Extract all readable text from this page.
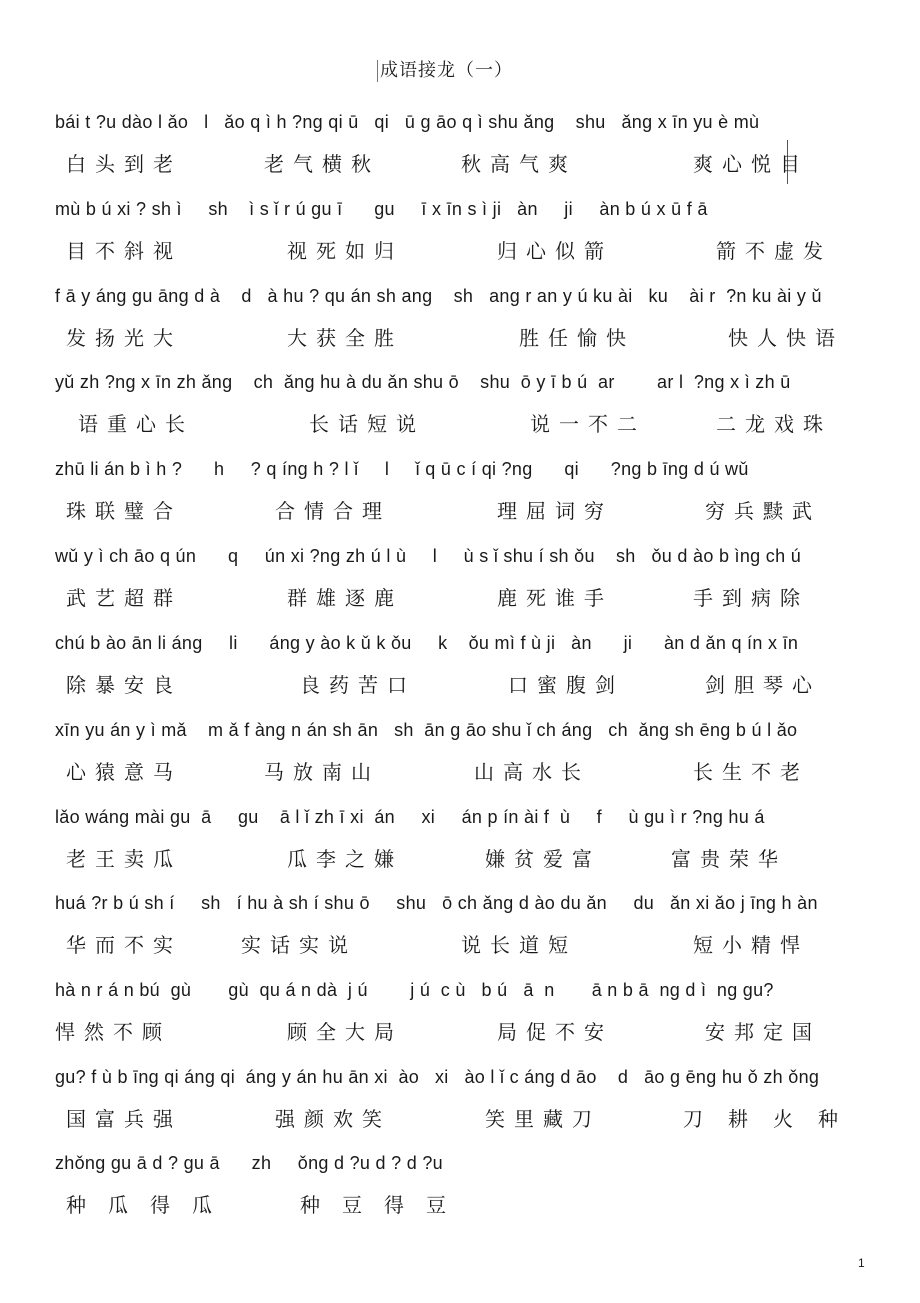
成语接龙（一）
bái t ?u dào l ǎo   l   ǎo q ì h ?ng qi ū   qi   ū g āo q ì shu ǎng    shu   ǎng x īn yu è mù
白头到老	老气横秋	秋高气爽	爽心悦目
mù b ú xi ? sh ì     sh    ì s ǐ r ú gu ī      gu     ī x īn s ì ji   àn     ji     àn b ú x ū f ā
目不斜视	视死如归	归心似箭	箭不虚发
f ā y áng gu āng d à    d   à hu ? qu án sh ang    sh   ang r an y ú ku ài   ku    ài r  ?n ku ài y ǔ
发扬光大	大获全胜	胜任愉快	快人快语
yǔ zh ?ng x īn zh ǎng    ch  ǎng hu à du ǎn shu ō    shu  ō y ī b ú  ar        ar l  ?ng x ì zh ū
语重心长	长话短说	说一不二	二龙戏珠
zhū li án b ì h ?      h     ? q íng h ? l ǐ     l     ǐ q ū c í qi ?ng      qi      ?ng b īng d ú wǔ
珠联璧合	合情合理	理屈词穷	穷兵黩武
wǔ y ì ch āo q ún      q     ún xi ?ng zh ú l ù     l     ù s ǐ shu í sh ǒu    sh   ǒu d ào b ìng ch ú
武艺超群	群雄逐鹿	鹿死谁手	手到病除
chú b ào ān li áng     li      áng y ào k ǔ k ǒu     k    ǒu mì f ù ji   àn      ji      àn d ǎn q ín x īn
除暴安良	良药苦口	口蜜腹剑	剑胆琴心
xīn yu án y ì mǎ    m ǎ f àng n án sh ān   sh  ān g āo shu ǐ ch áng   ch  ǎng sh ēng b ú l ǎo
心猿意马	马放南山	山高水长	长生不老
lǎo wáng mài gu  ā     gu    ā l ǐ zh ī xi  án     xi     án p ín ài f  ù     f     ù gu ì r ?ng hu á
老王卖瓜	瓜李之嫌	嫌贫爱富	富贵荣华
huá ?r b ú sh í     sh   í hu à sh í shu ō     shu   ō ch ǎng d ào du ǎn     du   ǎn xi ǎo j īng h àn
华而不实	实话实说	说长道短	短小精悍
hà n r á n bú  gù       gù  qu á n dà  j ú        j ú  c ù   b ú   ā  n       ā n b ā  ng d ì  ng gu?
悍然不顾	顾全大局	局促不安	安邦定国
gu? f ù b īng qi áng qi  áng y án hu ān xi  ào   xi   ào l ǐ c áng d āo    d   āo g ēng hu ǒ zh ǒng
国富兵强	强颜欢笑	笑里藏刀	刀耕火种
zhǒng gu ā d ? gu ā      zh     ǒng d ?u d ? d ?u
种瓜得瓜	种豆得豆
1
